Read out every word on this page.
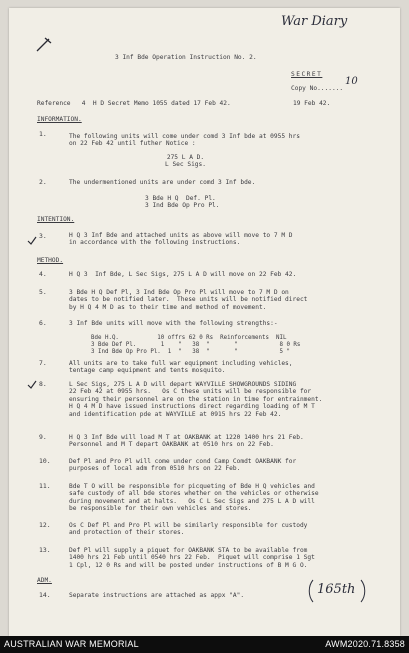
War Diary
3 Inf Bde Operation Instruction No. 2.
SECRET
Copy No.......
10
Reference   4  H D Secret Memo 1055 dated 17 Feb 42.	19 Feb 42.
INFORMATION.
1.	The following units will come under comd 3 Inf bde at 0955 hrs
on 22 Feb 42 until futher Notice :
275 L A D.
L Sec Sigs.
2.	The undermentioned units are under comd 3 Inf bde.
3 Bde H Q  Def. Pl.
3 Ind Bde Op Pro Pl.
INTENTION.
3.	H Q 3 Inf Bde and attached units as above will move to 7 M D
in accordance with the following instructions.
METHOD.
4.	H Q 3  Inf Bde, L Sec Sigs, 275 L A D will move on 22 Feb 42.
5.	3 Bde H Q Def Pl, 3 Ind Bde Op Pro Pl will move to 7 M D on
dates to be notified later.  These units will be notified direct
by H Q 4 M D as to their time and method of movement.
6.	3 Inf Bde units will move with the following strengths:-
Bde H.Q.           10 offrs 62 0 Rs  Reinforcements  NIL
3 Bde Def Pl.       1    "   38  "       "            8 0 Rs
3 Ind Bde Op Pro Pl.  1  "   38  "       "            5 "
7.	All units are to take full war equipment including vehicles,
tentage camp equipment and tents mosquito.
8.	L Sec Sigs, 275 L A D will depart WAYVILLE SHOWGROUNDS SIDING
22 Feb 42 at 0955 hrs.   Os C these units will be responsible for
ensuring their personnel are on the station in time for entrainment.
H Q 4 M D have issued instructions direct regarding loading of M T
and identification pde at WAYVILLE at 0915 hrs 22 Feb 42.
9.	H Q 3 Inf Bde will load M T at OAKBANK at 1220 1400 hrs 21 Feb.
Personnel and M T depart OAKBANK at 0510 hrs on 22 Feb.
10.	Def Pl and Pro Pl will come under cond Camp Comdt OAKBANK for
purposes of local adm from 0510 hrs on 22 Feb.
11.	Bde T O will be responsible for picqueting of Bde H Q vehicles and
safe custody of all bde stores whether on the vehicles or otherwise
during movement and at halts.   Os C L Sec Sigs and 275 L A D will
be responsible for their own vehicles and stores.
12.	Os C Def Pl and Pro Pl will be similarly responsible for custody
and protection of their stores.
13.	Def Pl will supply a piquet for OAKBANK STA to be available from
1400 hrs 21 Feb until 0540 hrs 22 Feb.  Piquet will comprise 1 Sgt
1 Cpl, 12 0 Rs and will be posted under instructions of B M G O.
ADM.
14.	Separate instructions are attached as appx "A".	165th
AUSTRALIAN WAR MEMORIAL	AWM2020.71.8358
